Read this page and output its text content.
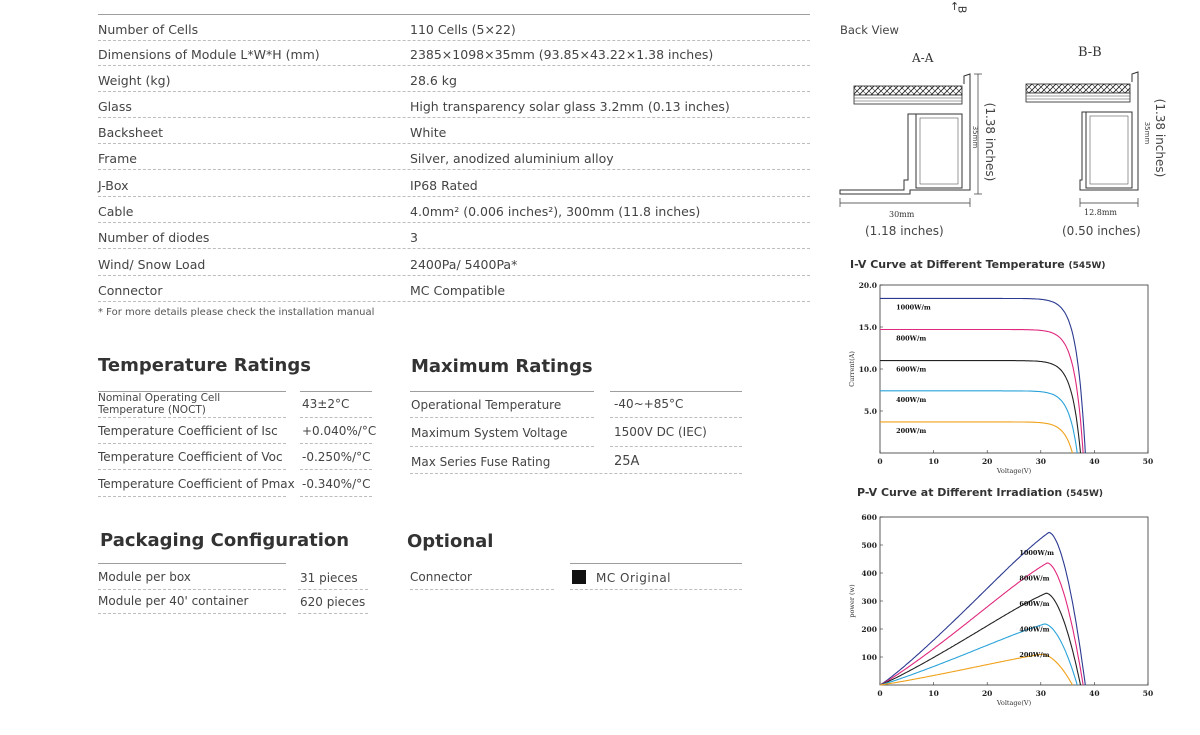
Number of Cells	110 Cells (5×22)
Dimensions of Module L*W*H (mm)	2385×1098×35mm (93.85×43.22×1.38 inches)
Weight (kg)	28.6 kg
Glass	High transparency solar glass 3.2mm (0.13 inches)
Backsheet	White
Frame	Silver, anodized aluminium alloy
J-Box	IP68 Rated
Cable	4.0mm² (0.006 inches²), 300mm (11.8 inches)
Number of diodes	3
Wind/ Snow Load	2400Pa/ 5400Pa*
Connector	MC Compatible
* For more details please check the installation manual
Temperature Ratings
Nominal Operating Cell Temperature (NOCT)	43±2°C
Temperature Coefficient of Isc +0.040%/°C
Temperature Coefficient of Voc -0.250%/°C
Temperature Coefficient of Pmax -0.340%/°C
Maximum Ratings
Operational Temperature	-40~+85°C
Maximum System Voltage	1500V DC (IEC)
Max Series Fuse Rating	25A
Packaging Configuration
Module per box	31 pieces
Module per 40' container	620 pieces
Optional
Connector	MC Original
Back View
↑
B
A-A	B-B
30mm
(1.18 inches)
(1.38 inches)
35mm
12.8mm
(0.50 inches)
(1.38 inches)
35mm
I-V Curve at Different Temperature (545W)
0	10	20	30	40	50
5.0
10.0
15.0
20.0
Voltage(V)
Current(A)
1000W/m
800W/m
600W/m
400W/m
200W/m
P-V Curve at Different Irradiation (545W)
0	10	20	30	40	50
100
200
300
400
500
600
Voltage(V)
power (w)
1000W/m
800W/m
600W/m
400W/m
200W/m
